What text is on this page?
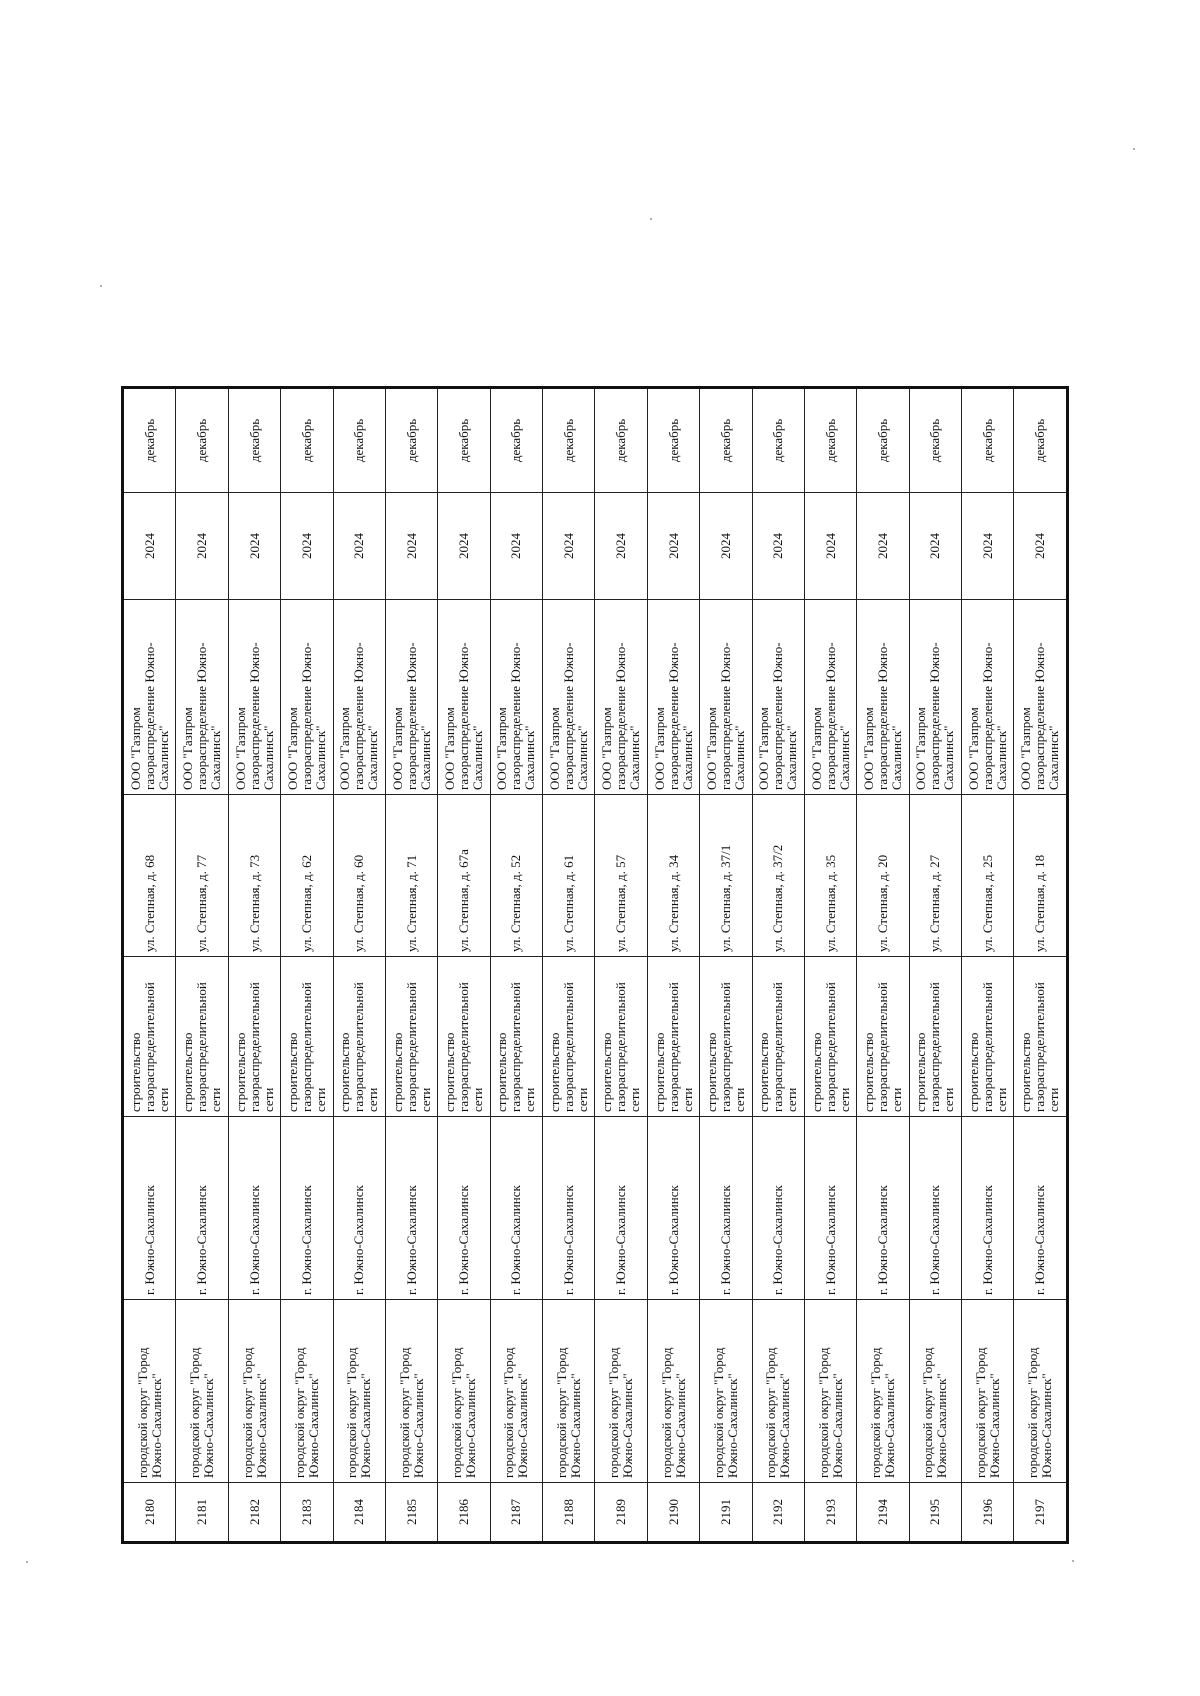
2180	городской округ "Город Южно-Сахалинск"	г. Южно-Сахалинск	строительство газораспределительной сети	ул. Степная, д. 68	ООО "Газпром газораспределение Южно-Сахалинск"	2024	декабрь
2181	городской округ "Город Южно-Сахалинск"	г. Южно-Сахалинск	строительство газораспределительной сети	ул. Степная, д. 77	ООО "Газпром газораспределение Южно-Сахалинск"	2024	декабрь
2182	городской округ "Город Южно-Сахалинск"	г. Южно-Сахалинск	строительство газораспределительной сети	ул. Степная, д. 73	ООО "Газпром газораспределение Южно-Сахалинск"	2024	декабрь
2183	городской округ "Город Южно-Сахалинск"	г. Южно-Сахалинск	строительство газораспределительной сети	ул. Степная, д. 62	ООО "Газпром газораспределение Южно-Сахалинск"	2024	декабрь
2184	городской округ "Город Южно-Сахалинск"	г. Южно-Сахалинск	строительство газораспределительной сети	ул. Степная, д. 60	ООО "Газпром газораспределение Южно-Сахалинск"	2024	декабрь
2185	городской округ "Город Южно-Сахалинск"	г. Южно-Сахалинск	строительство газораспределительной сети	ул. Степная, д. 71	ООО "Газпром газораспределение Южно-Сахалинск"	2024	декабрь
2186	городской округ "Город Южно-Сахалинск"	г. Южно-Сахалинск	строительство газораспределительной сети	ул. Степная, д. 67а	ООО "Газпром газораспределение Южно-Сахалинск"	2024	декабрь
2187	городской округ "Город Южно-Сахалинск"	г. Южно-Сахалинск	строительство газораспределительной сети	ул. Степная, д. 52	ООО "Газпром газораспределение Южно-Сахалинск"	2024	декабрь
2188	городской округ "Город Южно-Сахалинск"	г. Южно-Сахалинск	строительство газораспределительной сети	ул. Степная, д. 61	ООО "Газпром газораспределение Южно-Сахалинск"	2024	декабрь
2189	городской округ "Город Южно-Сахалинск"	г. Южно-Сахалинск	строительство газораспределительной сети	ул. Степная, д. 57	ООО "Газпром газораспределение Южно-Сахалинск"	2024	декабрь
2190	городской округ "Город Южно-Сахалинск"	г. Южно-Сахалинск	строительство газораспределительной сети	ул. Степная, д. 34	ООО "Газпром газораспределение Южно-Сахалинск"	2024	декабрь
2191	городской округ "Город Южно-Сахалинск"	г. Южно-Сахалинск	строительство газораспределительной сети	ул. Степная, д. 37/1	ООО "Газпром газораспределение Южно-Сахалинск"	2024	декабрь
2192	городской округ "Город Южно-Сахалинск"	г. Южно-Сахалинск	строительство газораспределительной сети	ул. Степная, д. 37/2	ООО "Газпром газораспределение Южно-Сахалинск"	2024	декабрь
2193	городской округ "Город Южно-Сахалинск"	г. Южно-Сахалинск	строительство газораспределительной сети	ул. Степная, д. 35	ООО "Газпром газораспределение Южно-Сахалинск"	2024	декабрь
2194	городской округ "Город Южно-Сахалинск"	г. Южно-Сахалинск	строительство газораспределительной сети	ул. Степная, д. 20	ООО "Газпром газораспределение Южно-Сахалинск"	2024	декабрь
2195	городской округ "Город Южно-Сахалинск"	г. Южно-Сахалинск	строительство газораспределительной сети	ул. Степная, д. 27	ООО "Газпром газораспределение Южно-Сахалинск"	2024	декабрь
2196	городской округ "Город Южно-Сахалинск"	г. Южно-Сахалинск	строительство газораспределительной сети	ул. Степная, д. 25	ООО "Газпром газораспределение Южно-Сахалинск"	2024	декабрь
2197	городской округ "Город Южно-Сахалинск"	г. Южно-Сахалинск	строительство газораспределительной сети	ул. Степная, д. 18	ООО "Газпром газораспределение Южно-Сахалинск"	2024	декабрь
